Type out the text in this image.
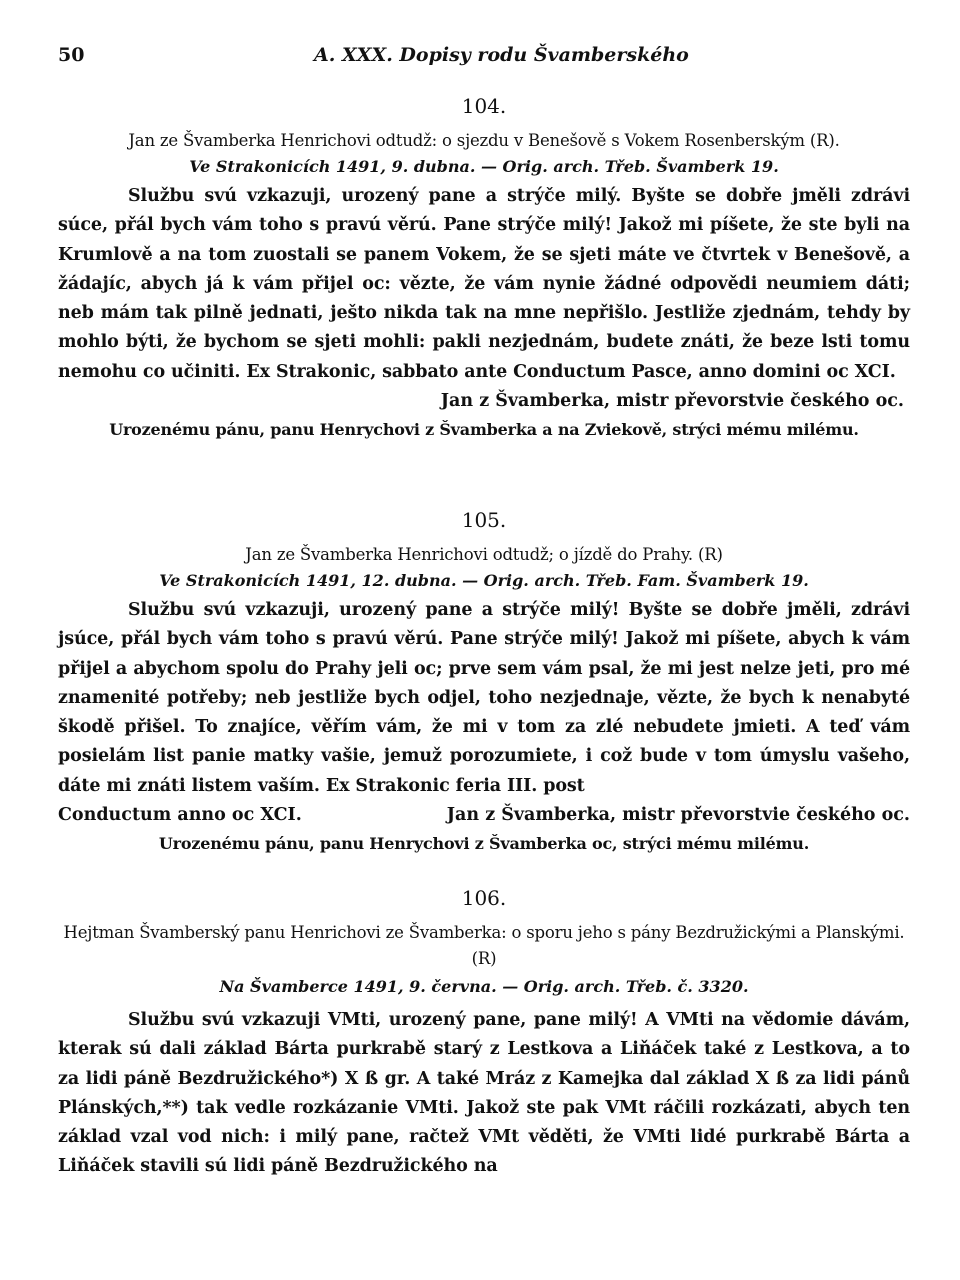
50	A. XXX. Dopisy rodu Švamberského
104.
Jan ze Švamberka Henrichovi odtudž: o sjezdu v Benešově s Vokem Rosenberským (R).
Ve Strakonicích 1491, 9. dubna. — Orig. arch. Třeb. Švamberk 19.

Službu svú vzkazuji, urozený pane a strýče milý. Byšte se dobře jměli zdrávi súce, přál bych vám toho s pravú věrú. Pane strýče milý! Jakož mi píšete, že ste byli na Krumlově a na tom zuostali se panem Vokem, že se sjeti máte ve čtvrtek v Benešově, a žádajíc, abych já k vám přijel oc: vězte, že vám nynie žádné odpovědi neumiem dáti; neb mám tak pilně jednati, ješto nikda tak na mne nepřišlo. Jestliže zjednám, tehdy by mohlo býti, že bychom se sjeti mohli: pakli nezjednám, budete znáti, že beze lsti tomu nemohu co učiniti. Ex Strakonic, sabbato ante Conductum Pasce, anno domini oc XCI.

Jan z Švamberka, mistr převorstvie českého oc.
Urozenému pánu, panu Henrychovi z Švamberka a na Zviekově, strýci mému milému.
105.
Jan ze Švamberka Henrichovi odtudž; o jízdě do Prahy. (R)
Ve Strakonicích 1491, 12. dubna. — Orig. arch. Třeb. Fam. Švamberk 19.

Službu svú vzkazuji, urozený pane a strýče milý! Byšte se dobře jměli, zdrávi jsúce, přál bych vám toho s pravú věrú. Pane strýče milý! Jakož mi píšete, abych k vám přijel a abychom spolu do Prahy jeli oc; prve sem vám psal, že mi jest nelze jeti, pro mé znamenité potřeby; neb jestliže bych odjel, toho nezjednaje, vězte, že bych k nenabyté škodě přišel. To znajíce, věřím vám, že mi v tom za zlé nebudete jmieti. A teď vám posielám list panie matky vašie, jemuž porozumiete, i což bude v tom úmyslu vašeho, dáte mi znáti listem vaším. Ex Strakonic feria III. post

Conductum anno oc XCI.	Jan z Švamberka, mistr převorstvie českého oc.
Urozenému pánu, panu Henrychovi z Švamberka oc, strýci mému milému.
106.
Hejtman Švamberský panu Henrichovi ze Švamberka: o sporu jeho s pány Bezdružickými a Planskými. (R)
Na Švamberce 1491, 9. června. — Orig. arch. Třeb. č. 3320.

Službu svú vzkazuji VMti, urozený pane, pane milý! A VMti na vědomie dávám, kterak sú dali základ Bárta purkrabě starý z Lestkova a Liňáček také z Lestkova, a to za lidi páně Bezdružického*) X ß gr. A také Mráz z Kamejka dal základ X ß za lidi pánů Plánských,**) tak vedle rozkázanie VMti. Jakož ste pak VMt ráčili rozkázati, abych ten základ vzal vod nich: i milý pane, račtež VMt věděti, že VMti lidé purkrabě Bárta a Liňáček stavili sú lidi páně Bezdružického na
